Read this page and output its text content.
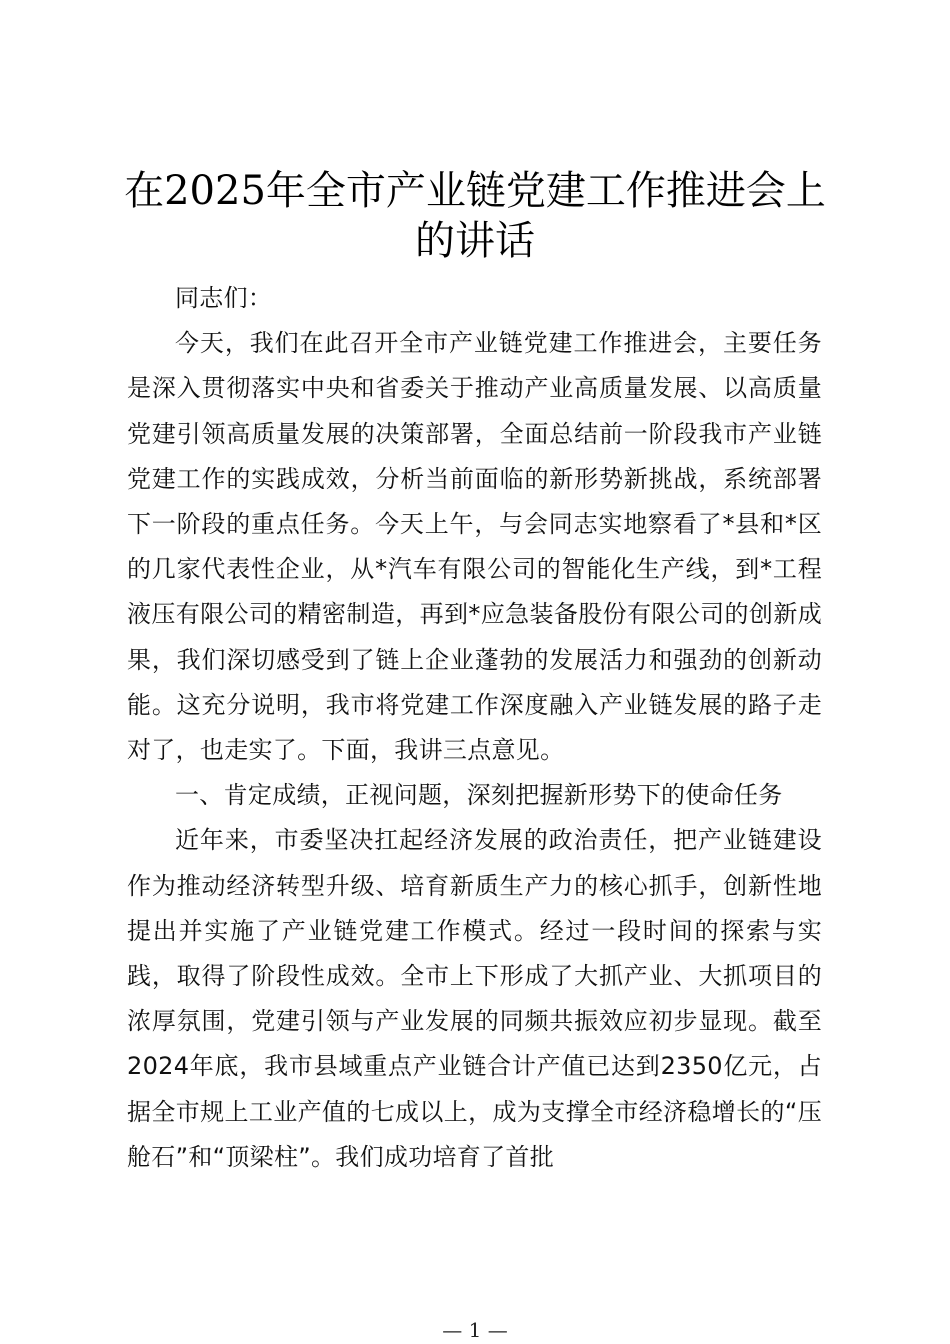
在2025年全市产业链党建工作推进会上的讲话

同志们：

今天，我们在此召开全市产业链党建工作推进会，主要任务是深入贯彻落实中央和省委关于推动产业高质量发展、以高质量党建引领高质量发展的决策部署，全面总结前一阶段我市产业链党建工作的实践成效，分析当前面临的新形势新挑战，系统部署下一阶段的重点任务。今天上午，与会同志实地察看了*县和*区的几家代表性企业，从*汽车有限公司的智能化生产线，到*工程液压有限公司的精密制造，再到*应急装备股份有限公司的创新成果，我们深切感受到了链上企业蓬勃的发展活力和强劲的创新动能。这充分说明，我市将党建工作深度融入产业链发展的路子走对了，也走实了。下面，我讲三点意见。

一、肯定成绩，正视问题，深刻把握新形势下的使命任务

近年来，市委坚决扛起经济发展的政治责任，把产业链建设作为推动经济转型升级、培育新质生产力的核心抓手，创新性地提出并实施了产业链党建工作模式。经过一段时间的探索与实践，取得了阶段性成效。全市上下形成了大抓产业、大抓项目的浓厚氛围，党建引领与产业发展的同频共振效应初步显现。截至2024年底，我市县域重点产业链合计产值已达到2350亿元，占据全市规上工业产值的七成以上，成为支撑全市经济稳增长的“压舱石”和“顶梁柱”。我们成功培育了首批

— 1 —
